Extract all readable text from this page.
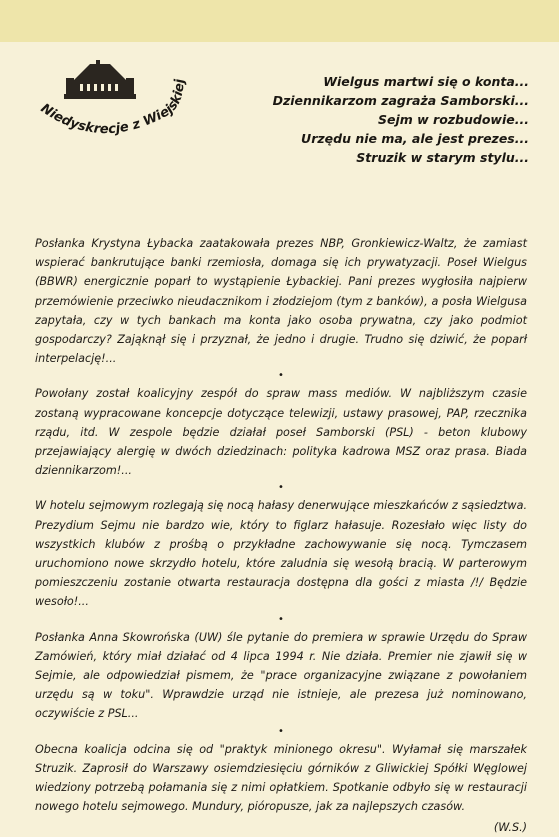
Niedyskrecje z Wiejskiej	Wielgus martwi się o konta...
Dziennikarzom zagraża Samborski...
Sejm w rozbudowie...
Urzędu nie ma, ale jest prezes...
Struzik w starym stylu...

Posłanka Krystyna Łybacka zaatakowała prezes NBP, Gronkiewicz-Waltz, że zamiast wspierać bankrutujące banki rzemiosła, domaga się ich prywatyzacji. Poseł Wielgus (BBWR) energicznie poparł to wystąpienie Łybackiej. Pani prezes wygłosiła najpierw przemówienie przeciwko nieudacznikom i złodziejom (tym z banków), a posła Wielgusa zapytała, czy w tych bankach ma konta jako osoba prywatna, czy jako podmiot gospodarczy? Zająknął się i przyznał, że jedno i drugie. Trudno się dziwić, że poparł interpelację!...

•

Powołany został koalicyjny zespół do spraw mass mediów. W najbliższym czasie zostaną wypracowane koncepcje dotyczące telewizji, ustawy prasowej, PAP, rzecznika rządu, itd. W zespole będzie działał poseł Samborski (PSL) - beton klubowy przejawiający alergię w dwóch dziedzinach: polityka kadrowa MSZ oraz prasa. Biada dziennikarzom!...

•

W hotelu sejmowym rozlegają się nocą hałasy denerwujące mieszkańców z sąsiedztwa. Prezydium Sejmu nie bardzo wie, który to figlarz hałasuje. Rozesłało więc listy do wszystkich klubów z prośbą o przykładne zachowywanie się nocą. Tymczasem uruchomiono nowe skrzydło hotelu, które zaludnia się wesołą bracią. W parterowym pomieszczeniu zostanie otwarta restauracja dostępna dla gości z miasta /!/ Będzie wesoło!...

•

Posłanka Anna Skowrońska (UW) śle pytanie do premiera w sprawie Urzędu do Spraw Zamówień, który miał działać od 4 lipca 1994 r. Nie działa. Premier nie zjawił się w Sejmie, ale odpowiedział pismem, że "prace organizacyjne związane z powołaniem urzędu są w toku". Wprawdzie urząd nie istnieje, ale prezesa już nominowano, oczywiście z PSL...

•

Obecna koalicja odcina się od "praktyk minionego okresu". Wyłamał się marszałek Struzik. Zaprosił do Warszawy osiemdziesięciu górników z Gliwickiej Spółki Węglowej wiedziony potrzebą połamania się z nimi opłatkiem. Spotkanie odbyło się w restauracji nowego hotelu sejmowego. Mundury, pióropusze, jak za najlepszych czasów.

(W.S.)
